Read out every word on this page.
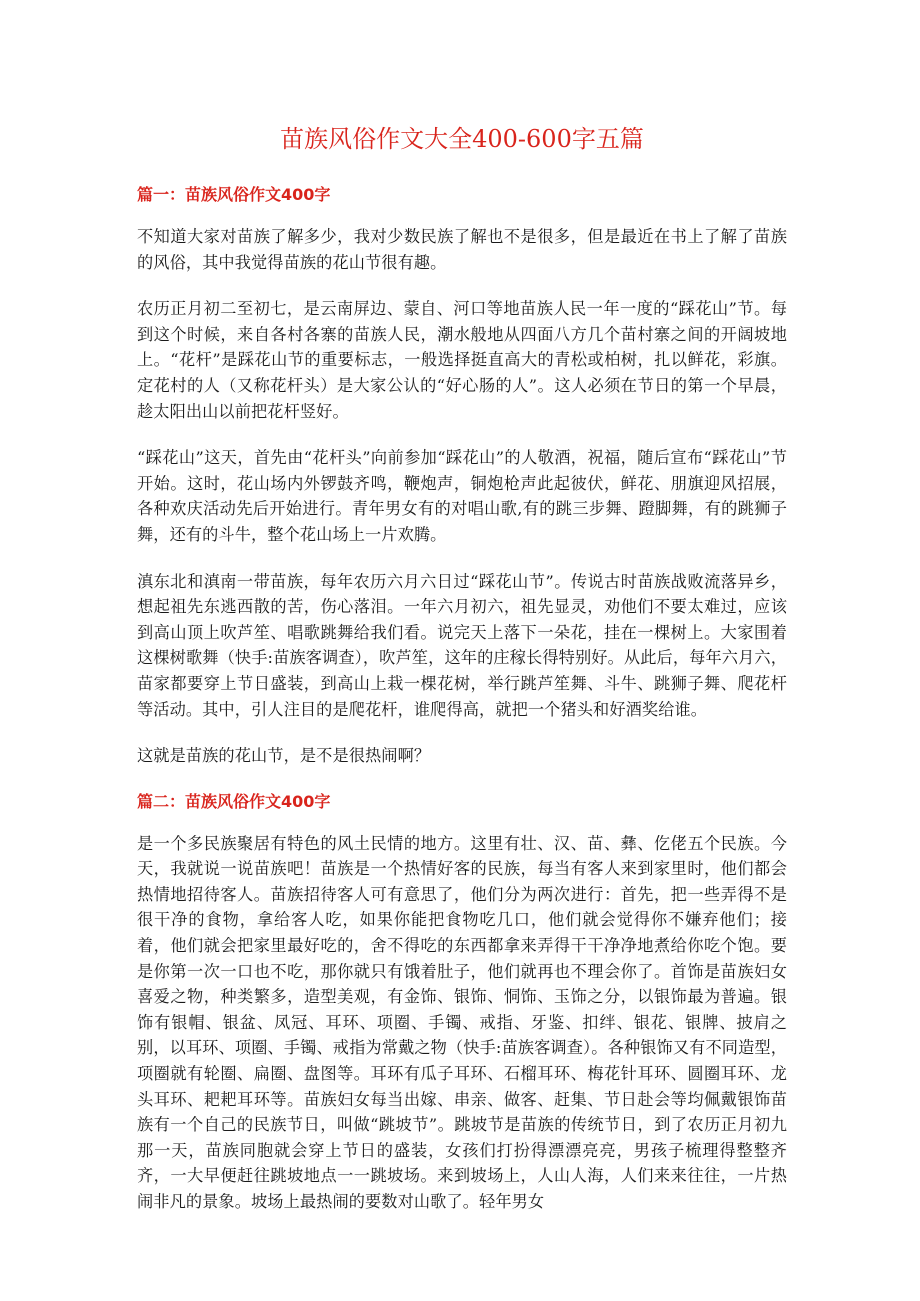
苗族风俗作文大全400-600字五篇
篇一：苗族风俗作文400字

不知道大家对苗族了解多少，我对少数民族了解也不是很多，但是最近在书上了解了苗族的风俗，其中我觉得苗族的花山节很有趣。

农历正月初二至初七，是云南屏边、蒙自、河口等地苗族人民一年一度的“踩花山”节。每到这个时候，来自各村各寨的苗族人民，潮水般地从四面八方几个苗村寨之间的开阔坡地上。“花杆”是踩花山节的重要标志，一般选择挺直高大的青松或柏树，扎以鲜花，彩旗。定花村的人（又称花杆头）是大家公认的“好心肠的人”。这人必须在节日的第一个早晨，趁太阳出山以前把花杆竖好。

“踩花山”这天，首先由“花杆头”向前参加“踩花山”的人敬酒，祝福，随后宣布“踩花山”节开始。这时，花山场内外锣鼓齐鸣，鞭炮声，铜炮枪声此起彼伏，鲜花、朋旗迎风招展，各种欢庆活动先后开始进行。青年男女有的对唱山歌,有的跳三步舞、蹬脚舞，有的跳狮子舞，还有的斗牛，整个花山场上一片欢腾。

滇东北和滇南一带苗族，每年农历六月六日过“踩花山节”。传说古时苗族战败流落异乡，想起祖先东逃西散的苦，伤心落泪。一年六月初六，祖先显灵，劝他们不要太难过，应该到高山顶上吹芦笙、唱歌跳舞给我们看。说完天上落下一朵花，挂在一棵树上。大家围着这棵树歌舞（快手:苗族客调查），吹芦笙，这年的庄稼长得特别好。从此后，每年六月六，苗家都要穿上节日盛装，到高山上栽一棵花树，举行跳芦笙舞、斗牛、跳狮子舞、爬花杆等活动。其中，引人注目的是爬花杆，谁爬得高，就把一个猪头和好酒奖给谁。

这就是苗族的花山节，是不是很热闹啊？

篇二：苗族风俗作文400字

是一个多民族聚居有特色的风土民情的地方。这里有壮、汉、苗、彝、仡佬五个民族。今天，我就说一说苗族吧！苗族是一个热情好客的民族，每当有客人来到家里时，他们都会热情地招待客人。苗族招待客人可有意思了，他们分为两次进行：首先，把一些弄得不是很干净的食物，拿给客人吃，如果你能把食物吃几口，他们就会觉得你不嫌弃他们；接着，他们就会把家里最好吃的，舍不得吃的东西都拿来弄得干干净净地煮给你吃个饱。要是你第一次一口也不吃，那你就只有饿着肚子，他们就再也不理会你了。首饰是苗族妇女喜爱之物，种类繁多，造型美观，有金饰、银饰、恫饰、玉饰之分，以银饰最为普遍。银饰有银帽、银盆、凤冠、耳环、项圈、手镯、戒指、牙鉴、扣绊、银花、银牌、披肩之别，以耳环、项圈、手镯、戒指为常戴之物（快手:苗族客调查）。各种银饰又有不同造型，项圈就有轮圈、扁圈、盘图等。耳环有瓜子耳环、石榴耳环、梅花针耳环、圆圈耳环、龙头耳环、耙耙耳环等。苗族妇女每当出嫁、串亲、做客、赶集、节日赴会等均佩戴银饰苗族有一个自己的民族节日，叫做“跳坡节”。跳坡节是苗族的传统节日，到了农历正月初九那一天，苗族同胞就会穿上节日的盛装，女孩们打扮得漂漂亮亮，男孩子梳理得整整齐齐，一大早便赶往跳坡地点一一跳坡场。来到坡场上，人山人海，人们来来往往，一片热闹非凡的景象。坡场上最热闹的要数对山歌了。轻年男女
